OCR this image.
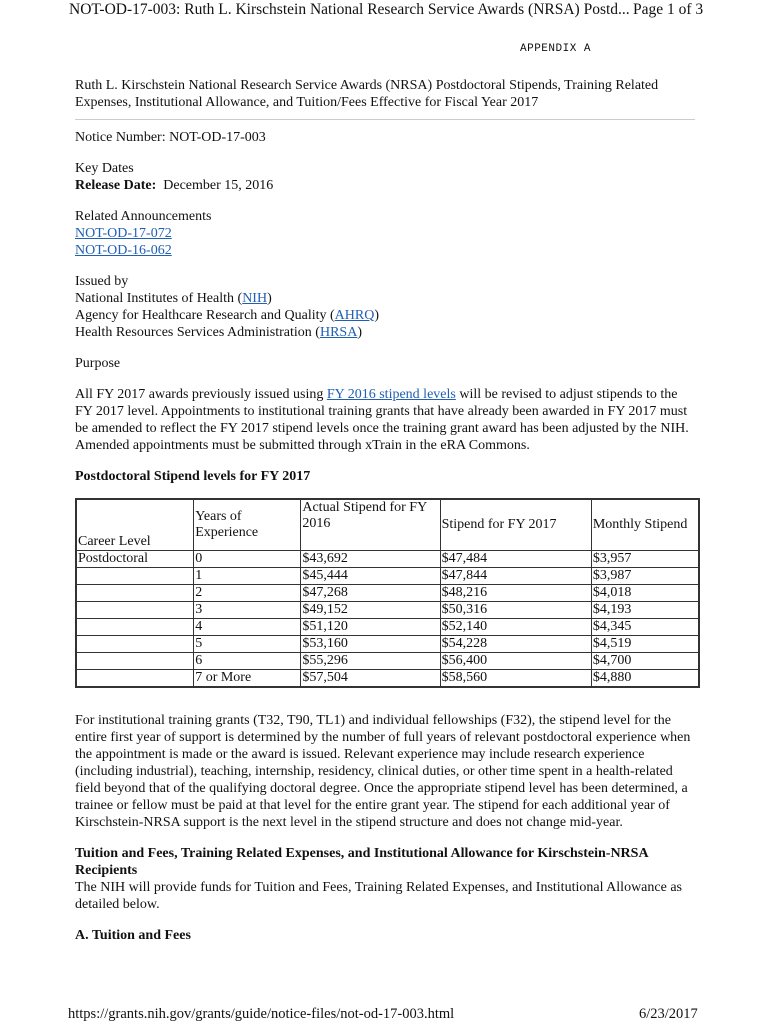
NOT-OD-17-003: Ruth L. Kirschstein National Research Service Awards (NRSA) Postd... Page 1 of 3
APPENDIX A

Ruth L. Kirschstein National Research Service Awards (NRSA) Postdoctoral Stipends, Training Related Expenses, Institutional Allowance, and Tuition/Fees Effective for Fiscal Year 2017

Notice Number: NOT-OD-17-003

Key Dates

Release Date: December 15, 2016

Related Announcements

NOT-OD-17-072

NOT-OD-16-062

Issued by

National Institutes of Health (NIH)

Agency for Healthcare Research and Quality (AHRQ)

Health Resources Services Administration (HRSA)

Purpose

All FY 2017 awards previously issued using FY 2016 stipend levels will be revised to adjust stipends to the FY 2017 level. Appointments to institutional training grants that have already been awarded in FY 2017 must be amended to reflect the FY 2017 stipend levels once the training grant award has been adjusted by the NIH. Amended appointments must be submitted through xTrain in the eRA Commons.

Postdoctoral Stipend levels for FY 2017

Career Level	Years of Experience	Actual Stipend for FY 2016	Stipend for FY 2017	Monthly Stipend
Postdoctoral	0	$43,692	$47,484	$3,957
	1	$45,444	$47,844	$3,987
	2	$47,268	$48,216	$4,018
	3	$49,152	$50,316	$4,193
	4	$51,120	$52,140	$4,345
	5	$53,160	$54,228	$4,519
	6	$55,296	$56,400	$4,700
	7 or More	$57,504	$58,560	$4,880

For institutional training grants (T32, T90, TL1) and individual fellowships (F32), the stipend level for the entire first year of support is determined by the number of full years of relevant postdoctoral experience when the appointment is made or the award is issued. Relevant experience may include research experience (including industrial), teaching, internship, residency, clinical duties, or other time spent in a health-related field beyond that of the qualifying doctoral degree. Once the appropriate stipend level has been determined, a trainee or fellow must be paid at that level for the entire grant year. The stipend for each additional year of Kirschstein-NRSA support is the next level in the stipend structure and does not change mid-year.

Tuition and Fees, Training Related Expenses, and Institutional Allowance for Kirschstein-NRSA Recipients

The NIH will provide funds for Tuition and Fees, Training Related Expenses, and Institutional Allowance as detailed below.

A. Tuition and Fees

https://grants.nih.gov/grants/guide/notice-files/not-od-17-003.html	6/23/2017
